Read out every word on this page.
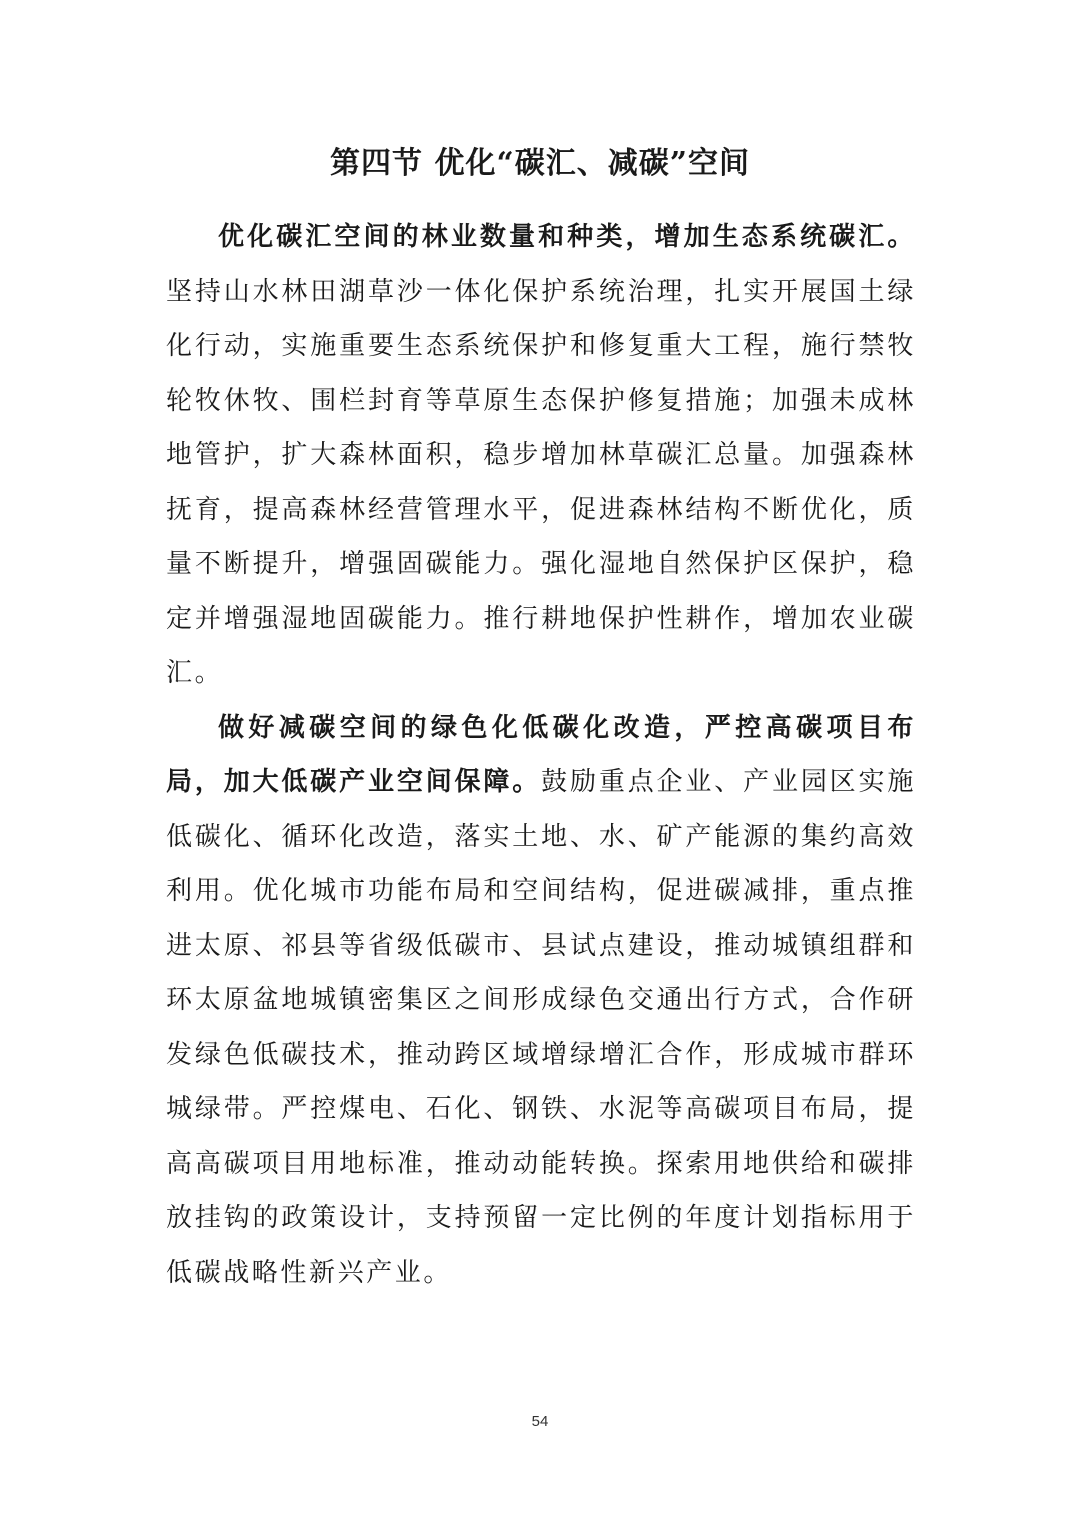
第四节 优化“碳汇、减碳”空间

优化碳汇空间的林业数量和种类，增加生态系统碳汇。坚持山水林田湖草沙一体化保护系统治理，扎实开展国土绿化行动，实施重要生态系统保护和修复重大工程，施行禁牧轮牧休牧、围栏封育等草原生态保护修复措施；加强未成林地管护，扩大森林面积，稳步增加林草碳汇总量。加强森林抚育，提高森林经营管理水平，促进森林结构不断优化，质量不断提升，增强固碳能力。强化湿地自然保护区保护，稳定并增强湿地固碳能力。推行耕地保护性耕作，增加农业碳汇。

做好减碳空间的绿色化低碳化改造，严控高碳项目布局，加大低碳产业空间保障。鼓励重点企业、产业园区实施低碳化、循环化改造，落实土地、水、矿产能源的集约高效利用。优化城市功能布局和空间结构，促进碳减排，重点推进太原、祁县等省级低碳市、县试点建设，推动城镇组群和环太原盆地城镇密集区之间形成绿色交通出行方式，合作研发绿色低碳技术，推动跨区域增绿增汇合作，形成城市群环城绿带。严控煤电、石化、钢铁、水泥等高碳项目布局，提高高碳项目用地标准，推动动能转换。探索用地供给和碳排放挂钩的政策设计，支持预留一定比例的年度计划指标用于低碳战略性新兴产业。

54
